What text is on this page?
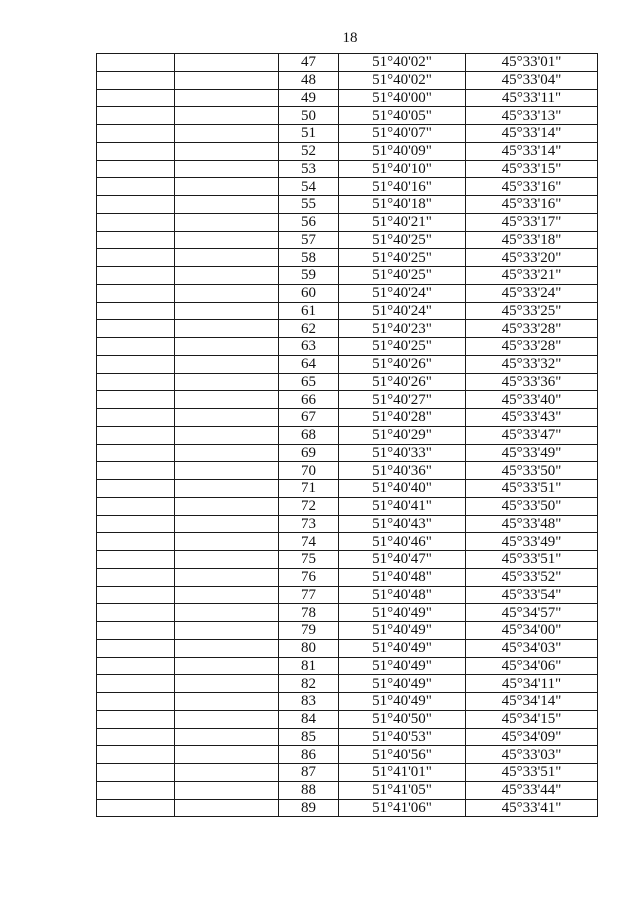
18
		47	51°40'02"	45°33'01"
		48	51°40'02"	45°33'04"
		49	51°40'00"	45°33'11"
		50	51°40'05"	45°33'13"
		51	51°40'07"	45°33'14"
		52	51°40'09"	45°33'14"
		53	51°40'10"	45°33'15"
		54	51°40'16"	45°33'16"
		55	51°40'18"	45°33'16"
		56	51°40'21"	45°33'17"
		57	51°40'25"	45°33'18"
		58	51°40'25"	45°33'20"
		59	51°40'25"	45°33'21"
		60	51°40'24"	45°33'24"
		61	51°40'24"	45°33'25"
		62	51°40'23"	45°33'28"
		63	51°40'25"	45°33'28"
		64	51°40'26"	45°33'32"
		65	51°40'26"	45°33'36"
		66	51°40'27"	45°33'40"
		67	51°40'28"	45°33'43"
		68	51°40'29"	45°33'47"
		69	51°40'33"	45°33'49"
		70	51°40'36"	45°33'50"
		71	51°40'40"	45°33'51"
		72	51°40'41"	45°33'50"
		73	51°40'43"	45°33'48"
		74	51°40'46"	45°33'49"
		75	51°40'47"	45°33'51"
		76	51°40'48"	45°33'52"
		77	51°40'48"	45°33'54"
		78	51°40'49"	45°34'57"
		79	51°40'49"	45°34'00"
		80	51°40'49"	45°34'03"
		81	51°40'49"	45°34'06"
		82	51°40'49"	45°34'11"
		83	51°40'49"	45°34'14"
		84	51°40'50"	45°34'15"
		85	51°40'53"	45°34'09"
		86	51°40'56"	45°33'03"
		87	51°41'01"	45°33'51"
		88	51°41'05"	45°33'44"
		89	51°41'06"	45°33'41"
